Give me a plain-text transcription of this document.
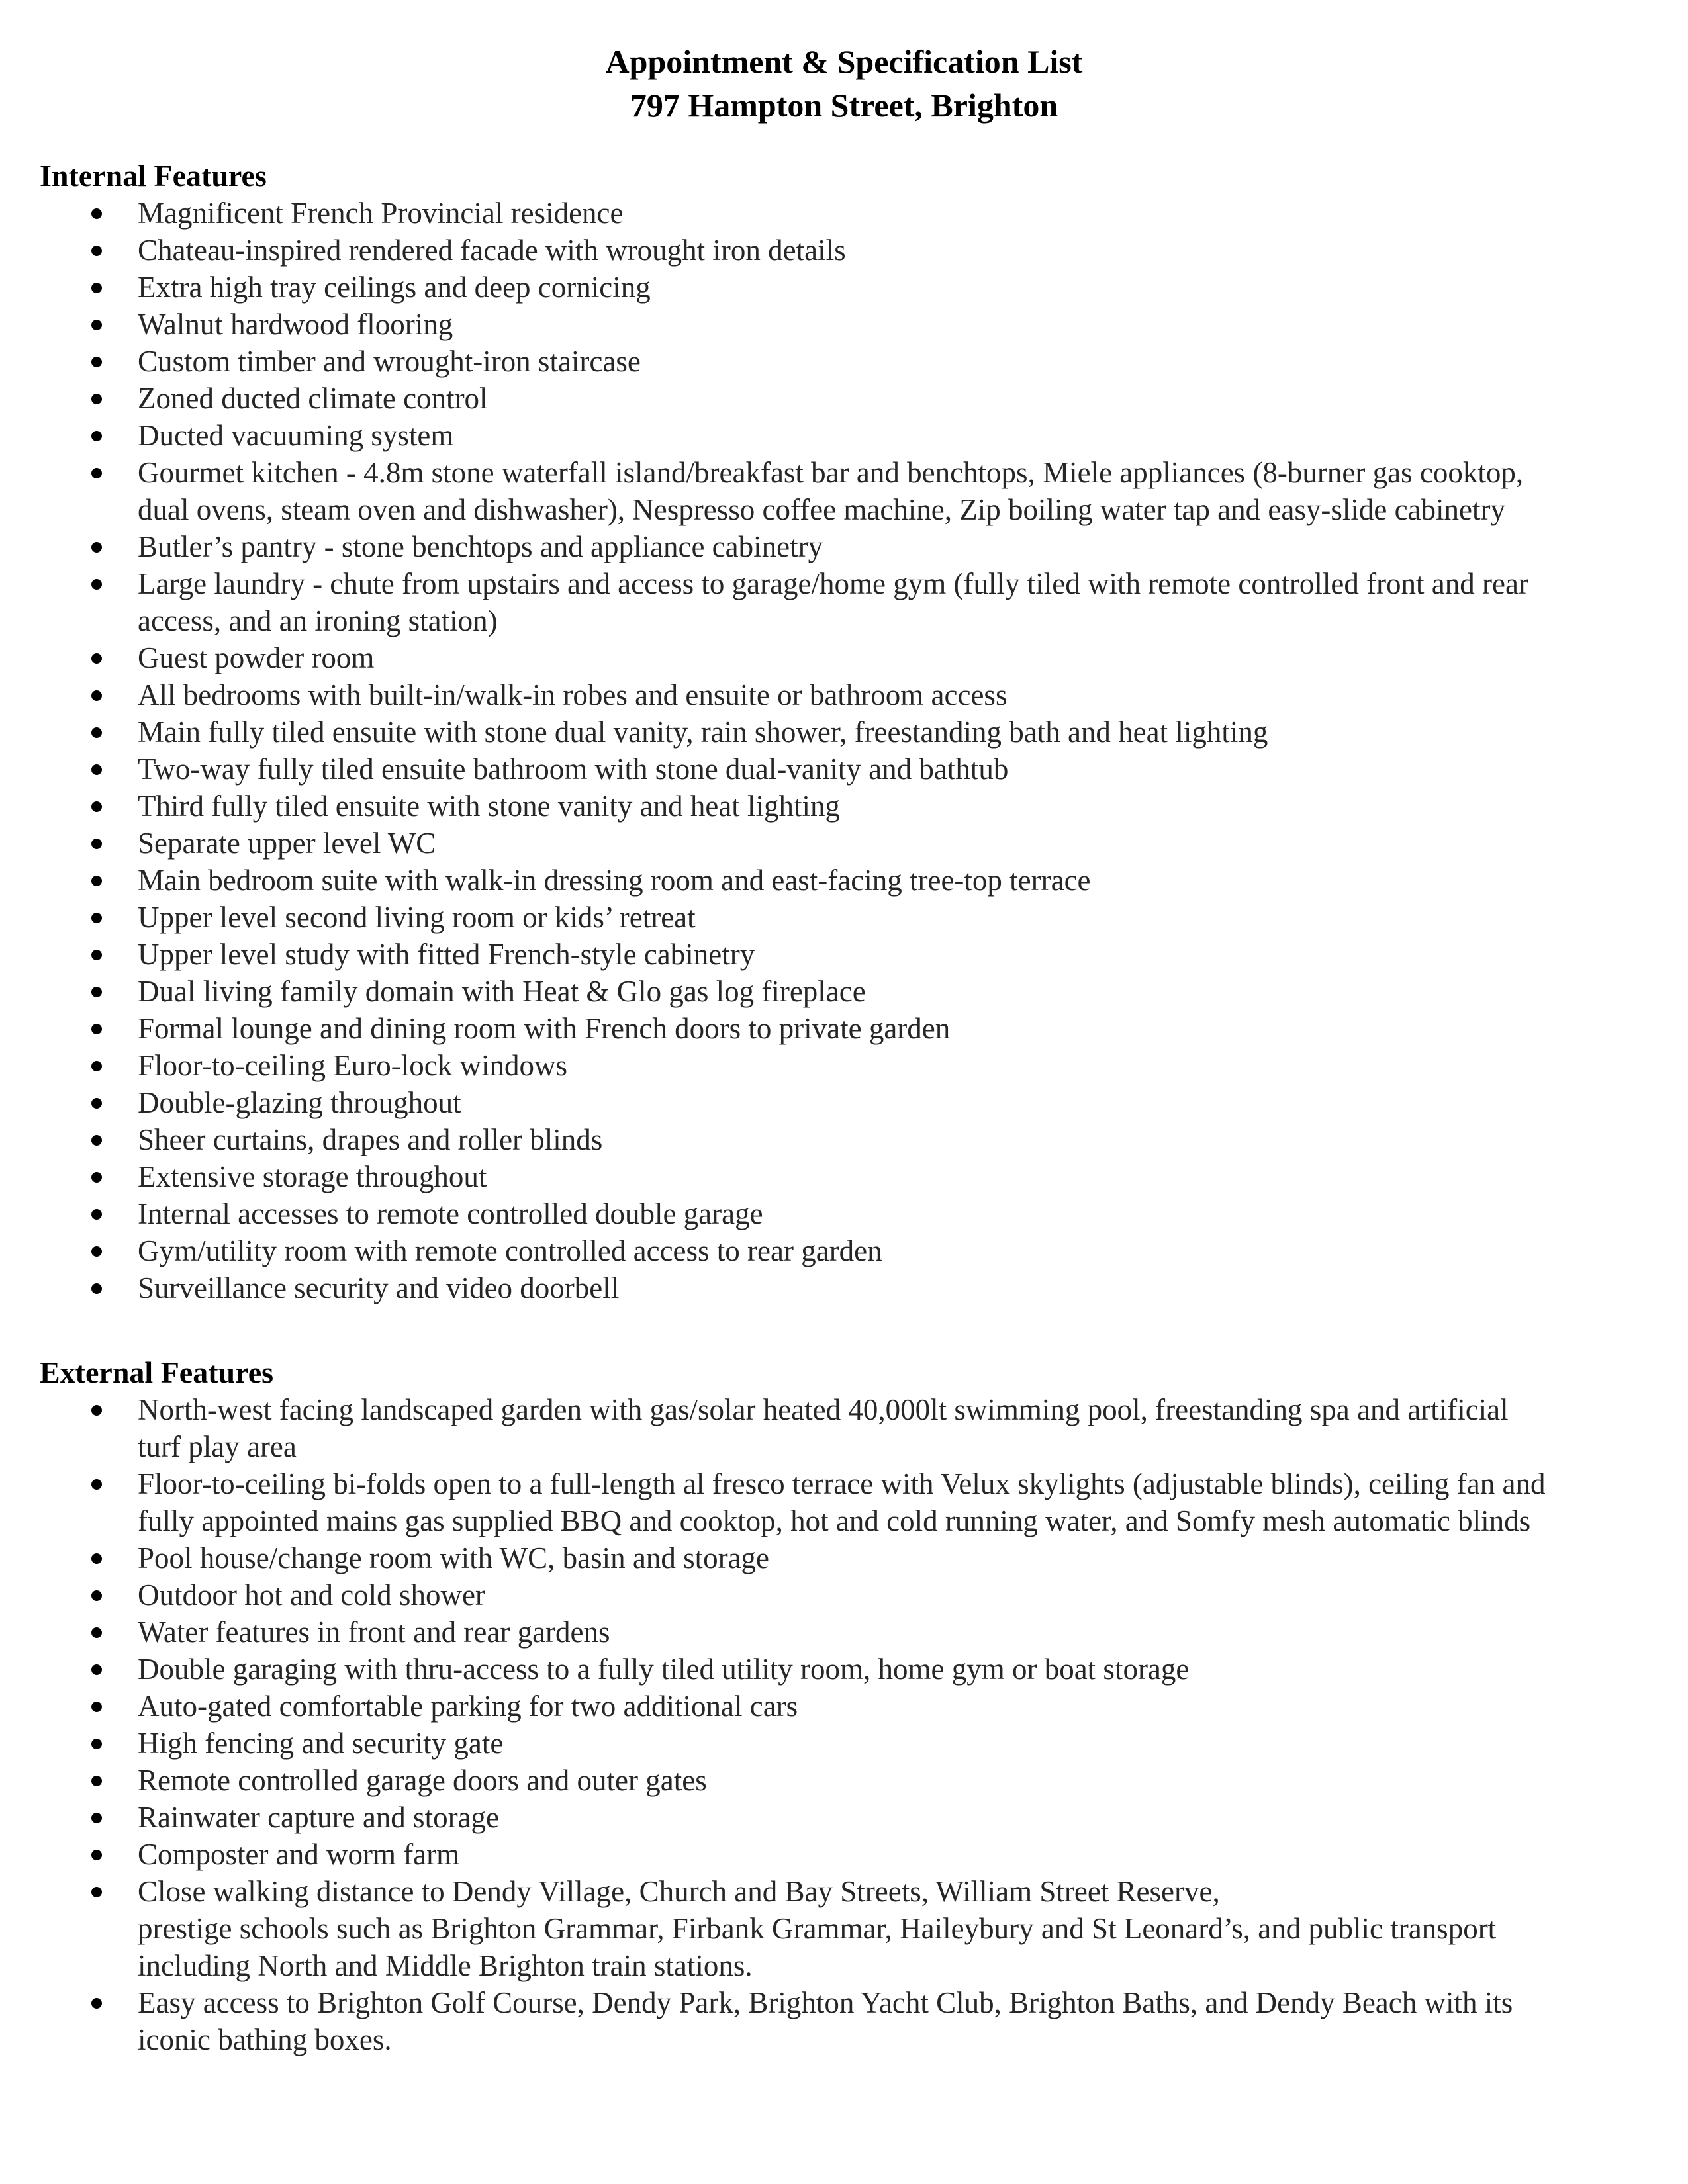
Appointment & Specification List
797 Hampton Street, Brighton
Internal Features
Magnificent French Provincial residence
Chateau-inspired rendered facade with wrought iron details
Extra high tray ceilings and deep cornicing
Walnut hardwood flooring
Custom timber and wrought-iron staircase
Zoned ducted climate control
Ducted vacuuming system
Gourmet kitchen - 4.8m stone waterfall island/breakfast bar and benchtops, Miele appliances (8-burner gas cooktop,
dual ovens, steam oven and dishwasher), Nespresso coffee machine, Zip boiling water tap and easy-slide cabinetry
Butler’s pantry - stone benchtops and appliance cabinetry
Large laundry - chute from upstairs and access to garage/home gym (fully tiled with remote controlled front and rear
access, and an ironing station)
Guest powder room
All bedrooms with built-in/walk-in robes and ensuite or bathroom access
Main fully tiled ensuite with stone dual vanity, rain shower, freestanding bath and heat lighting
Two-way fully tiled ensuite bathroom with stone dual-vanity and bathtub
Third fully tiled ensuite with stone vanity and heat lighting
Separate upper level WC
Main bedroom suite with walk-in dressing room and east-facing tree-top terrace
Upper level second living room or kids’ retreat
Upper level study with fitted French-style cabinetry
Dual living family domain with Heat & Glo gas log fireplace
Formal lounge and dining room with French doors to private garden
Floor-to-ceiling Euro-lock windows
Double-glazing throughout
Sheer curtains, drapes and roller blinds
Extensive storage throughout
Internal accesses to remote controlled double garage
Gym/utility room with remote controlled access to rear garden
Surveillance security and video doorbell
External Features
North-west facing landscaped garden with gas/solar heated 40,000lt swimming pool, freestanding spa and artificial
turf play area
Floor-to-ceiling bi-folds open to a full-length al fresco terrace with Velux skylights (adjustable blinds), ceiling fan and
fully appointed mains gas supplied BBQ and cooktop, hot and cold running water, and Somfy mesh automatic blinds
Pool house/change room with WC, basin and storage
Outdoor hot and cold shower
Water features in front and rear gardens
Double garaging with thru-access to a fully tiled utility room, home gym or boat storage
Auto-gated comfortable parking for two additional cars
High fencing and security gate
Remote controlled garage doors and outer gates
Rainwater capture and storage
Composter and worm farm
Close walking distance to Dendy Village, Church and Bay Streets, William Street Reserve,
prestige schools such as Brighton Grammar, Firbank Grammar, Haileybury and St Leonard’s, and public transport
including North and Middle Brighton train stations.
Easy access to Brighton Golf Course, Dendy Park, Brighton Yacht Club, Brighton Baths, and Dendy Beach with its
iconic bathing boxes.
